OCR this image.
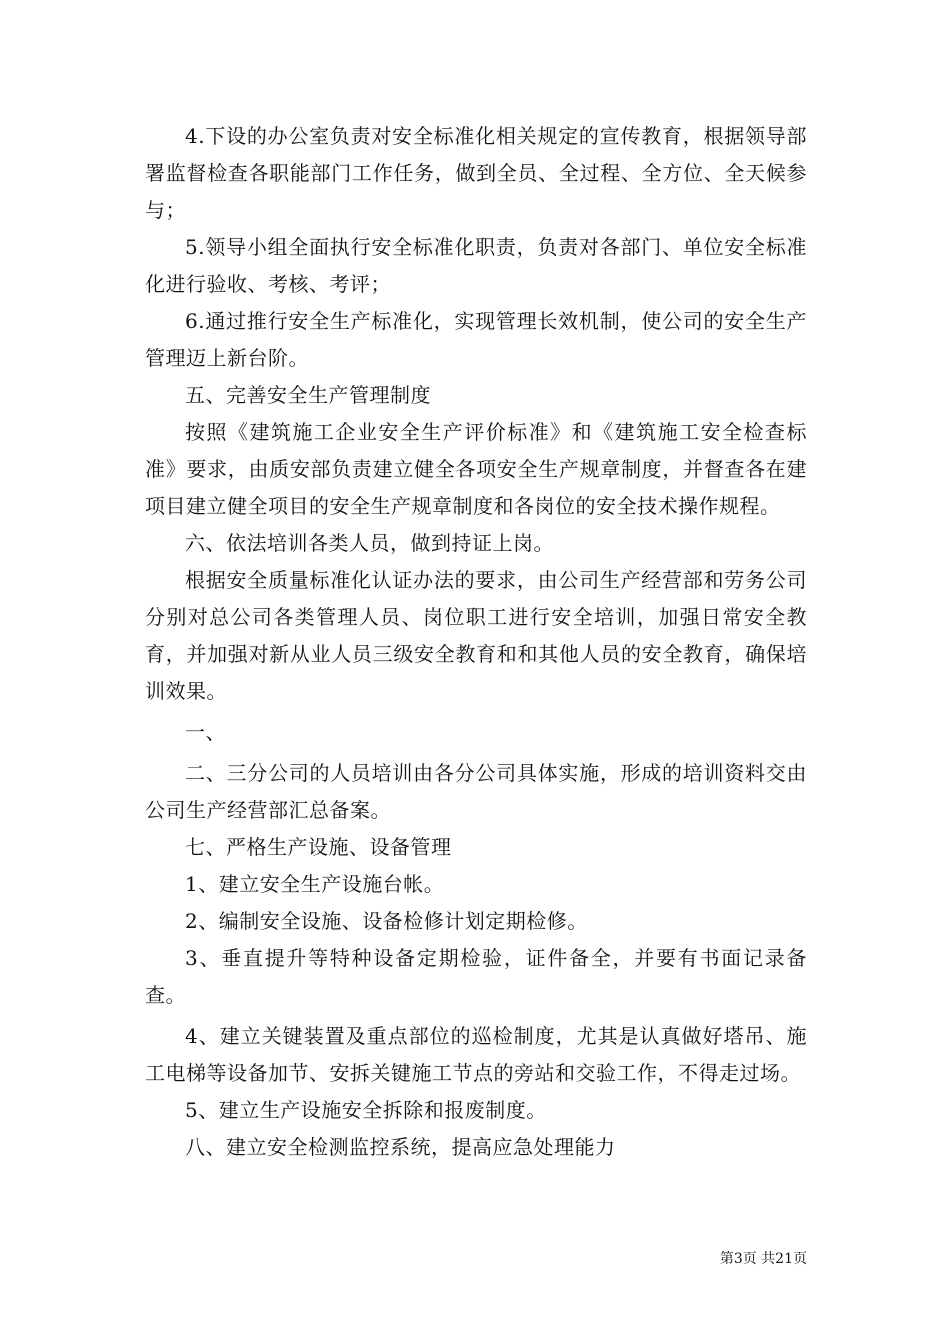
4.下设的办公室负责对安全标准化相关规定的宣传教育，根据领导部署监督检查各职能部门工作任务，做到全员、全过程、全方位、全天候参与；

5.领导小组全面执行安全标准化职责，负责对各部门、单位安全标准化进行验收、考核、考评；

6.通过推行安全生产标准化，实现管理长效机制，使公司的安全生产管理迈上新台阶。

五、完善安全生产管理制度

按照《建筑施工企业安全生产评价标准》和《建筑施工安全检查标准》要求，由质安部负责建立健全各项安全生产规章制度，并督查各在建项目建立健全项目的安全生产规章制度和各岗位的安全技术操作规程。

六、依法培训各类人员，做到持证上岗。

根据安全质量标准化认证办法的要求，由公司生产经营部和劳务公司分别对总公司各类管理人员、岗位职工进行安全培训，加强日常安全教育，并加强对新从业人员三级安全教育和和其他人员的安全教育，确保培训效果。

一、

二、三分公司的人员培训由各分公司具体实施，形成的培训资料交由公司生产经营部汇总备案。

七、严格生产设施、设备管理

1、建立安全生产设施台帐。

2、编制安全设施、设备检修计划定期检修。

3、垂直提升等特种设备定期检验，证件备全，并要有书面记录备查。

4、建立关键装置及重点部位的巡检制度，尤其是认真做好塔吊、施工电梯等设备加节、安拆关键施工节点的旁站和交验工作，不得走过场。

5、建立生产设施安全拆除和报废制度。

八、建立安全检测监控系统，提高应急处理能力

第3页 共21页
